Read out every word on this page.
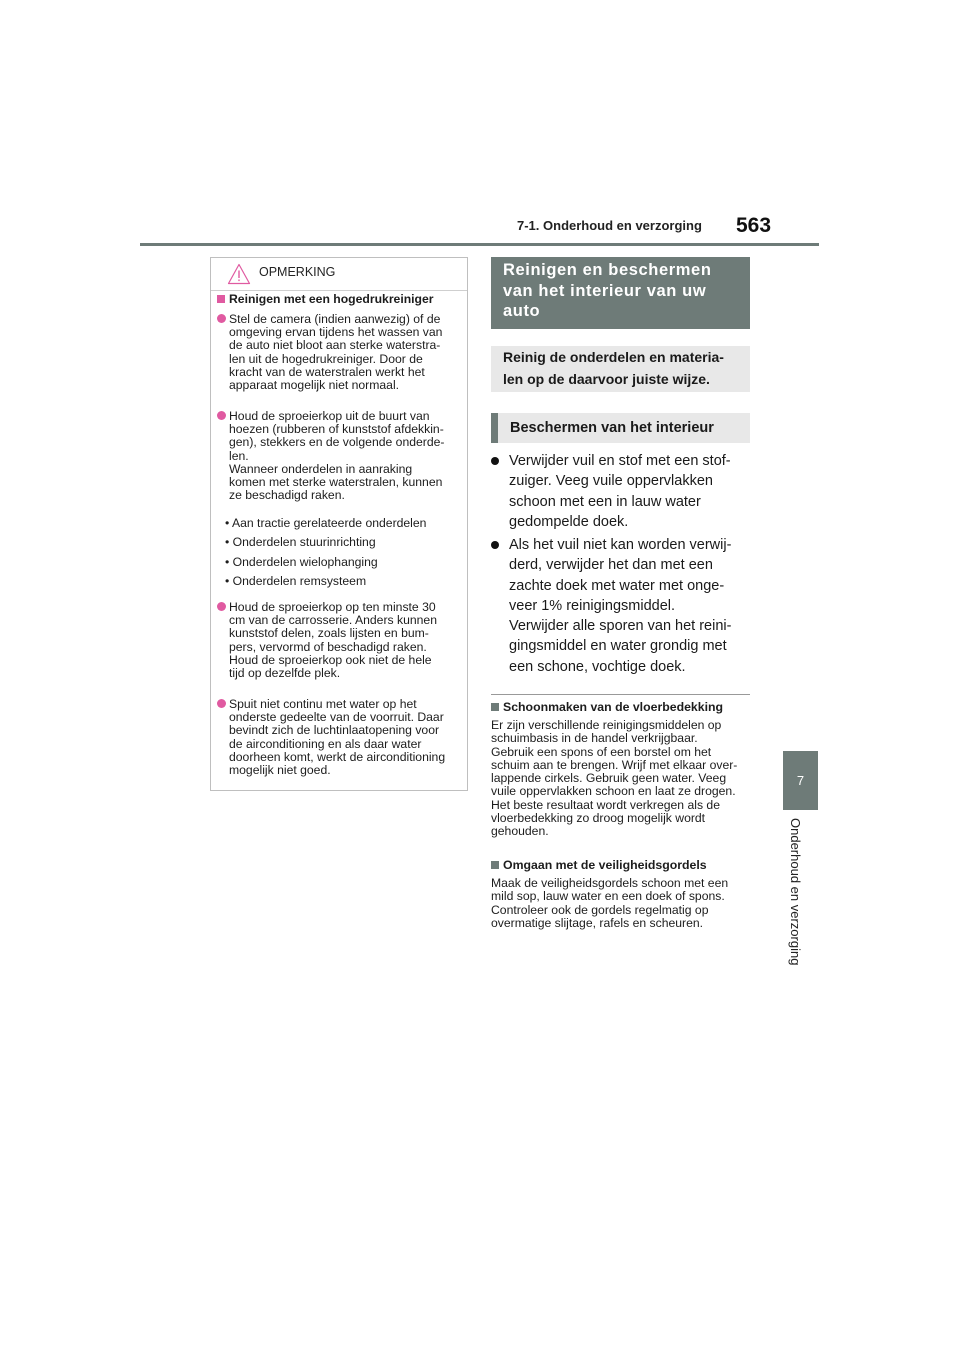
7-1. Onderhoud en verzorging 563
7
Onderhoud en verzorging
OPMERKING
Reinigen met een hogedrukreiniger
Stel de camera (indien aanwezig) of de
omgeving ervan tijdens het wassen van
de auto niet bloot aan sterke waterstra-
len uit de hogedrukreiniger. Door de
kracht van de waterstralen werkt het
apparaat mogelijk niet normaal.
Houd de sproeierkop uit de buurt van
hoezen (rubberen of kunststof afdekkin-
gen), stekkers en de volgende onderde-
len.
Wanneer onderdelen in aanraking
komen met sterke waterstralen, kunnen
ze beschadigd raken.
• Aan tractie gerelateerde onderdelen
• Onderdelen stuurinrichting
• Onderdelen wielophanging
• Onderdelen remsysteem
Houd de sproeierkop op ten minste 30
cm van de carrosserie. Anders kunnen
kunststof delen, zoals lijsten en bum-
pers, vervormd of beschadigd raken.
Houd de sproeierkop ook niet de hele
tijd op dezelfde plek.
Spuit niet continu met water op het
onderste gedeelte van de voorruit. Daar
bevindt zich de luchtinlaatopening voor
de airconditioning en als daar water
doorheen komt, werkt de airconditioning
mogelijk niet goed.
Reinigen en beschermen
van het interieur van uw
auto
Reinig de onderdelen en materia-
len op de daarvoor juiste wijze.
Beschermen van het interieur
Verwijder vuil en stof met een stof-
zuiger. Veeg vuile oppervlakken
schoon met een in lauw water
gedompelde doek.
Als het vuil niet kan worden verwij-
derd, verwijder het dan met een
zachte doek met water met onge-
veer 1% reinigingsmiddel.
Verwijder alle sporen van het reini-
gingsmiddel en water grondig met
een schone, vochtige doek.
Schoonmaken van de vloerbedekking
Er zijn verschillende reinigingsmiddelen op
schuimbasis in de handel verkrijgbaar.
Gebruik een spons of een borstel om het
schuim aan te brengen. Wrijf met elkaar over-
lappende cirkels. Gebruik geen water. Veeg
vuile oppervlakken schoon en laat ze drogen.
Het beste resultaat wordt verkregen als de
vloerbedekking zo droog mogelijk wordt
gehouden.
Omgaan met de veiligheidsgordels
Maak de veiligheidsgordels schoon met een
mild sop, lauw water en een doek of spons.
Controleer ook de gordels regelmatig op
overmatige slijtage, rafels en scheuren.
